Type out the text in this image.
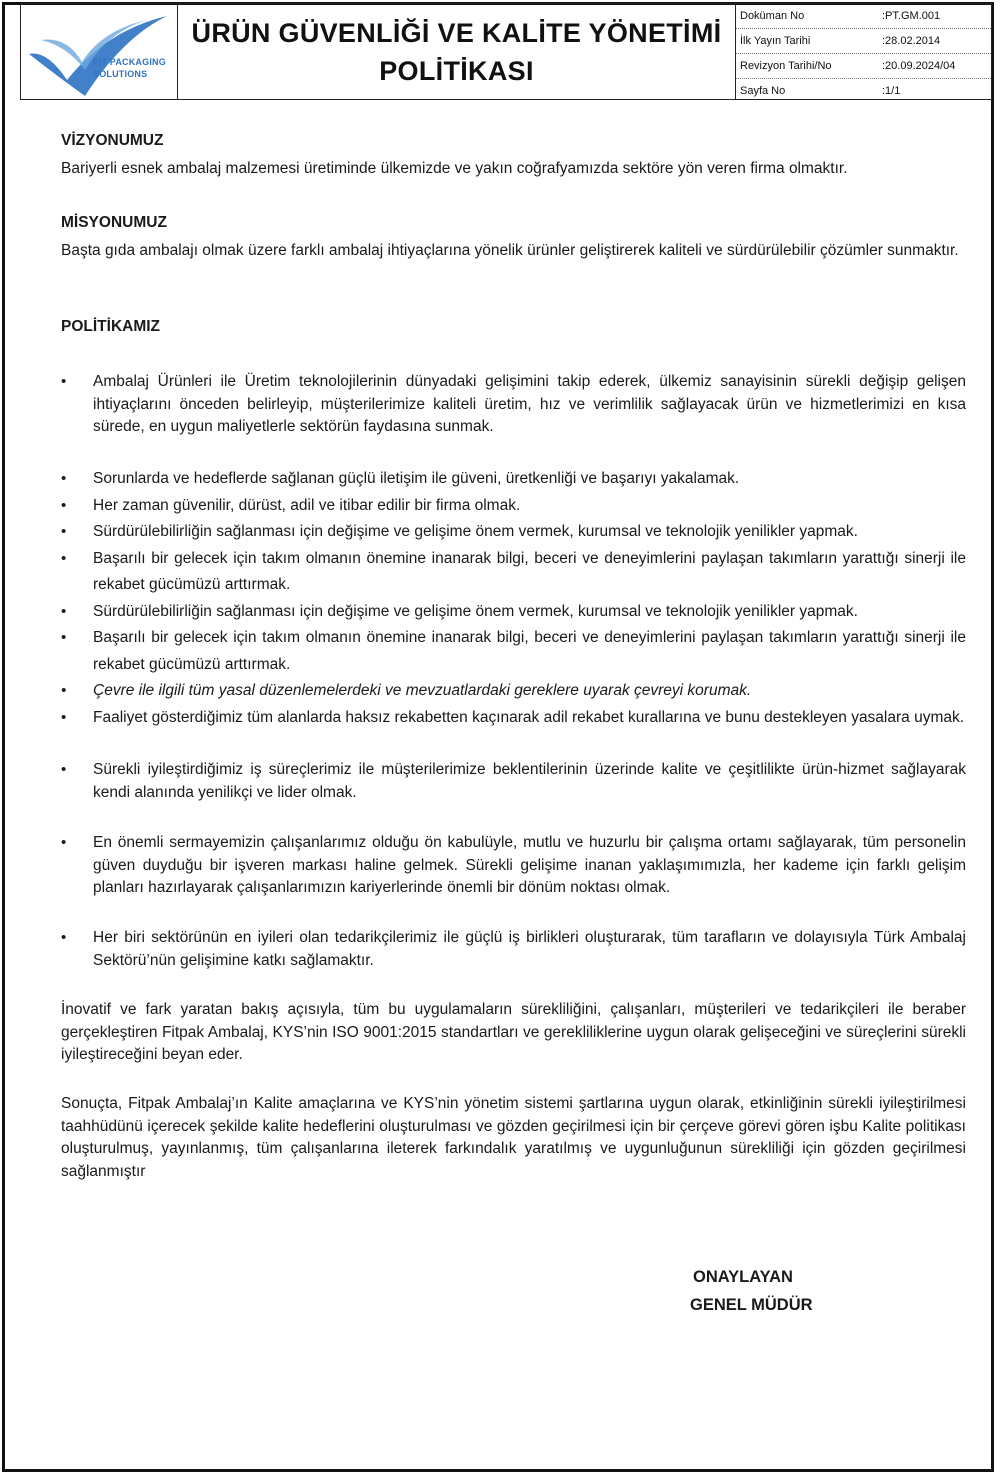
FIT PACKAGING
SOLUTIONS
ÜRÜN GÜVENLİĞİ VE KALİTE YÖNETİMİ
POLİTİKASI
Doküman No	:PT.GM.001
İlk Yayın Tarihi	:28.02.2014
Revizyon Tarihi/No	:20.09.2024/04
Sayfa No	:1/1
VİZYONUMUZ
Bariyerli esnek ambalaj malzemesi üretiminde ülkemizde ve yakın coğrafyamızda sektöre yön veren firma olmaktır.
MİSYONUMUZ
Başta gıda ambalajı olmak üzere farklı ambalaj ihtiyaçlarına yönelik ürünler geliştirerek kaliteli ve sürdürülebilir çözümler sunmaktır.
POLİTİKAMIZ
• Ambalaj Ürünleri ile Üretim teknolojilerinin dünyadaki gelişimini takip ederek, ülkemiz sanayisinin sürekli değişip gelişen ihtiyaçlarını önceden belirleyip, müşterilerimize kaliteli üretim, hız ve verimlilik sağlayacak ürün ve hizmetlerimizi en kısa sürede, en uygun maliyetlerle sektörün faydasına sunmak.
• Sorunlarda ve hedeflerde sağlanan güçlü iletişim ile güveni, üretkenliği ve başarıyı yakalamak.
• Her zaman güvenilir, dürüst, adil ve itibar edilir bir firma olmak.
• Sürdürülebilirliğin sağlanması için değişime ve gelişime önem vermek, kurumsal ve teknolojik yenilikler yapmak.
• Başarılı bir gelecek için takım olmanın önemine inanarak bilgi, beceri ve deneyimlerini paylaşan takımların yarattığı sinerji ile rekabet gücümüzü arttırmak.
• Sürdürülebilirliğin sağlanması için değişime ve gelişime önem vermek, kurumsal ve teknolojik yenilikler yapmak.
• Başarılı bir gelecek için takım olmanın önemine inanarak bilgi, beceri ve deneyimlerini paylaşan takımların yarattığı sinerji ile rekabet gücümüzü arttırmak.
• Çevre ile ilgili tüm yasal düzenlemelerdeki ve mevzuatlardaki gereklere uyarak çevreyi korumak.
• Faaliyet gösterdiğimiz tüm alanlarda haksız rekabetten kaçınarak adil rekabet kurallarına ve bunu destekleyen yasalara uymak.
• Sürekli iyileştirdiğimiz iş süreçlerimiz ile müşterilerimize beklentilerinin üzerinde kalite ve çeşitlilikte ürün-hizmet sağlayarak kendi alanında yenilikçi ve lider olmak.
• En önemli sermayemizin çalışanlarımız olduğu ön kabulüyle, mutlu ve huzurlu bir çalışma ortamı sağlayarak, tüm personelin güven duyduğu bir işveren markası haline gelmek. Sürekli gelişime inanan yaklaşımımızla, her kademe için farklı gelişim planları hazırlayarak çalışanlarımızın kariyerlerinde önemli bir dönüm noktası olmak.
• Her biri sektörünün en iyileri olan tedarikçilerimiz ile güçlü iş birlikleri oluşturarak, tüm tarafların ve dolayısıyla Türk Ambalaj Sektörü’nün gelişimine katkı sağlamaktır.
İnovatif ve fark yaratan bakış açısıyla, tüm bu uygulamaların sürekliliğini, çalışanları, müşterileri ve tedarikçileri ile beraber gerçekleştiren Fitpak Ambalaj, KYS’nin ISO 9001:2015 standartları ve gerekliliklerine uygun olarak gelişeceğini ve süreçlerini sürekli iyileştireceğini beyan eder.
Sonuçta, Fitpak Ambalaj’ın Kalite amaçlarına ve KYS’nin yönetim sistemi şartlarına uygun olarak, etkinliğinin sürekli iyileştirilmesi taahhüdünü içerecek şekilde kalite hedeflerini oluşturulması ve gözden geçirilmesi için bir çerçeve görevi gören işbu Kalite politikası oluşturulmuş, yayınlanmış, tüm çalışanlarına ileterek farkındalık yaratılmış ve uygunluğunun sürekliliği için gözden geçirilmesi sağlanmıştır
ONAYLAYAN
GENEL MÜDÜR
